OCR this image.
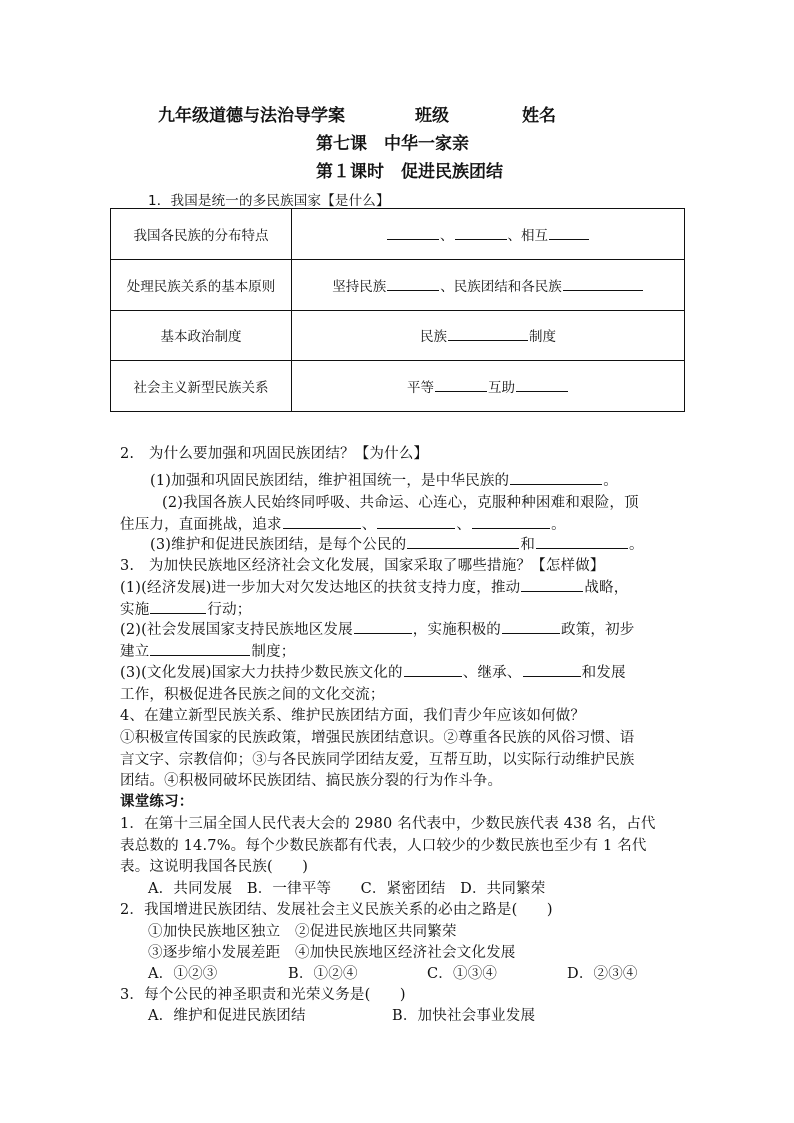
九年级道德与法治导学案	班级	姓名
第七课　中华一家亲
第１课时　促进民族团结
1．我国是统一的多民族国家【是什么】
我国各民族的分布特点	、 、相互
处理民族关系的基本原则	坚持民族 、民族团结和各民族
基本政治制度	民族 制度
社会主义新型民族关系	平等 互助
2.　为什么要加强和巩固民族团结？【为什么】
(1)加强和巩固民族团结，维护祖国统一，是中华民族的	。
(2)我国各族人民始终同呼吸、共命运、心连心，克服种种困难和艰险，顶
住压力，直面挑战，追求	、	、	。
(3)维护和促进民族团结，是每个公民的	和	。
3.　为加快民族地区经济社会文化发展，国家采取了哪些措施？【怎样做】
(1)(经济发展)进一步加大对欠发达地区的扶贫支持力度，推动	战略，
实施	行动；
(2)(社会发展国家支持民族地区发展	，实施积极的	政策，初步
建立	制度；
(3)(文化发展)国家大力扶持少数民族文化的	、继承、	和发展
工作，积极促进各民族之间的文化交流；
4、在建立新型民族关系、维护民族团结方面，我们青少年应该如何做？
①积极宣传国家的民族政策，增强民族团结意识。②尊重各民族的风俗习惯、语
言文字、宗教信仰；③与各民族同学团结友爱，互帮互助，以实际行动维护民族
团结。④积极同破坏民族团结、搞民族分裂的行为作斗争。
课堂练习：
1．在第十三届全国人民代表大会的 2980 名代表中，少数民族代表 438 名，占代
表总数的 14.7%。每个少数民族都有代表，人口较少的少数民族也至少有 1 名代
表。这说明我国各民族(　　)
A．共同发展　B．一律平等　　C．紧密团结　D．共同繁荣
2．我国增进民族团结、发展社会主义民族关系的必由之路是(　　)
①加快民族地区独立　②促进民族地区共同繁荣
③逐步缩小发展差距　④加快民族地区经济社会文化发展
A．①②③	B．①②④	C．①③④	D．②③④
3．每个公民的神圣职责和光荣义务是(　　)
A．维护和促进民族团结	B．加快社会事业发展
